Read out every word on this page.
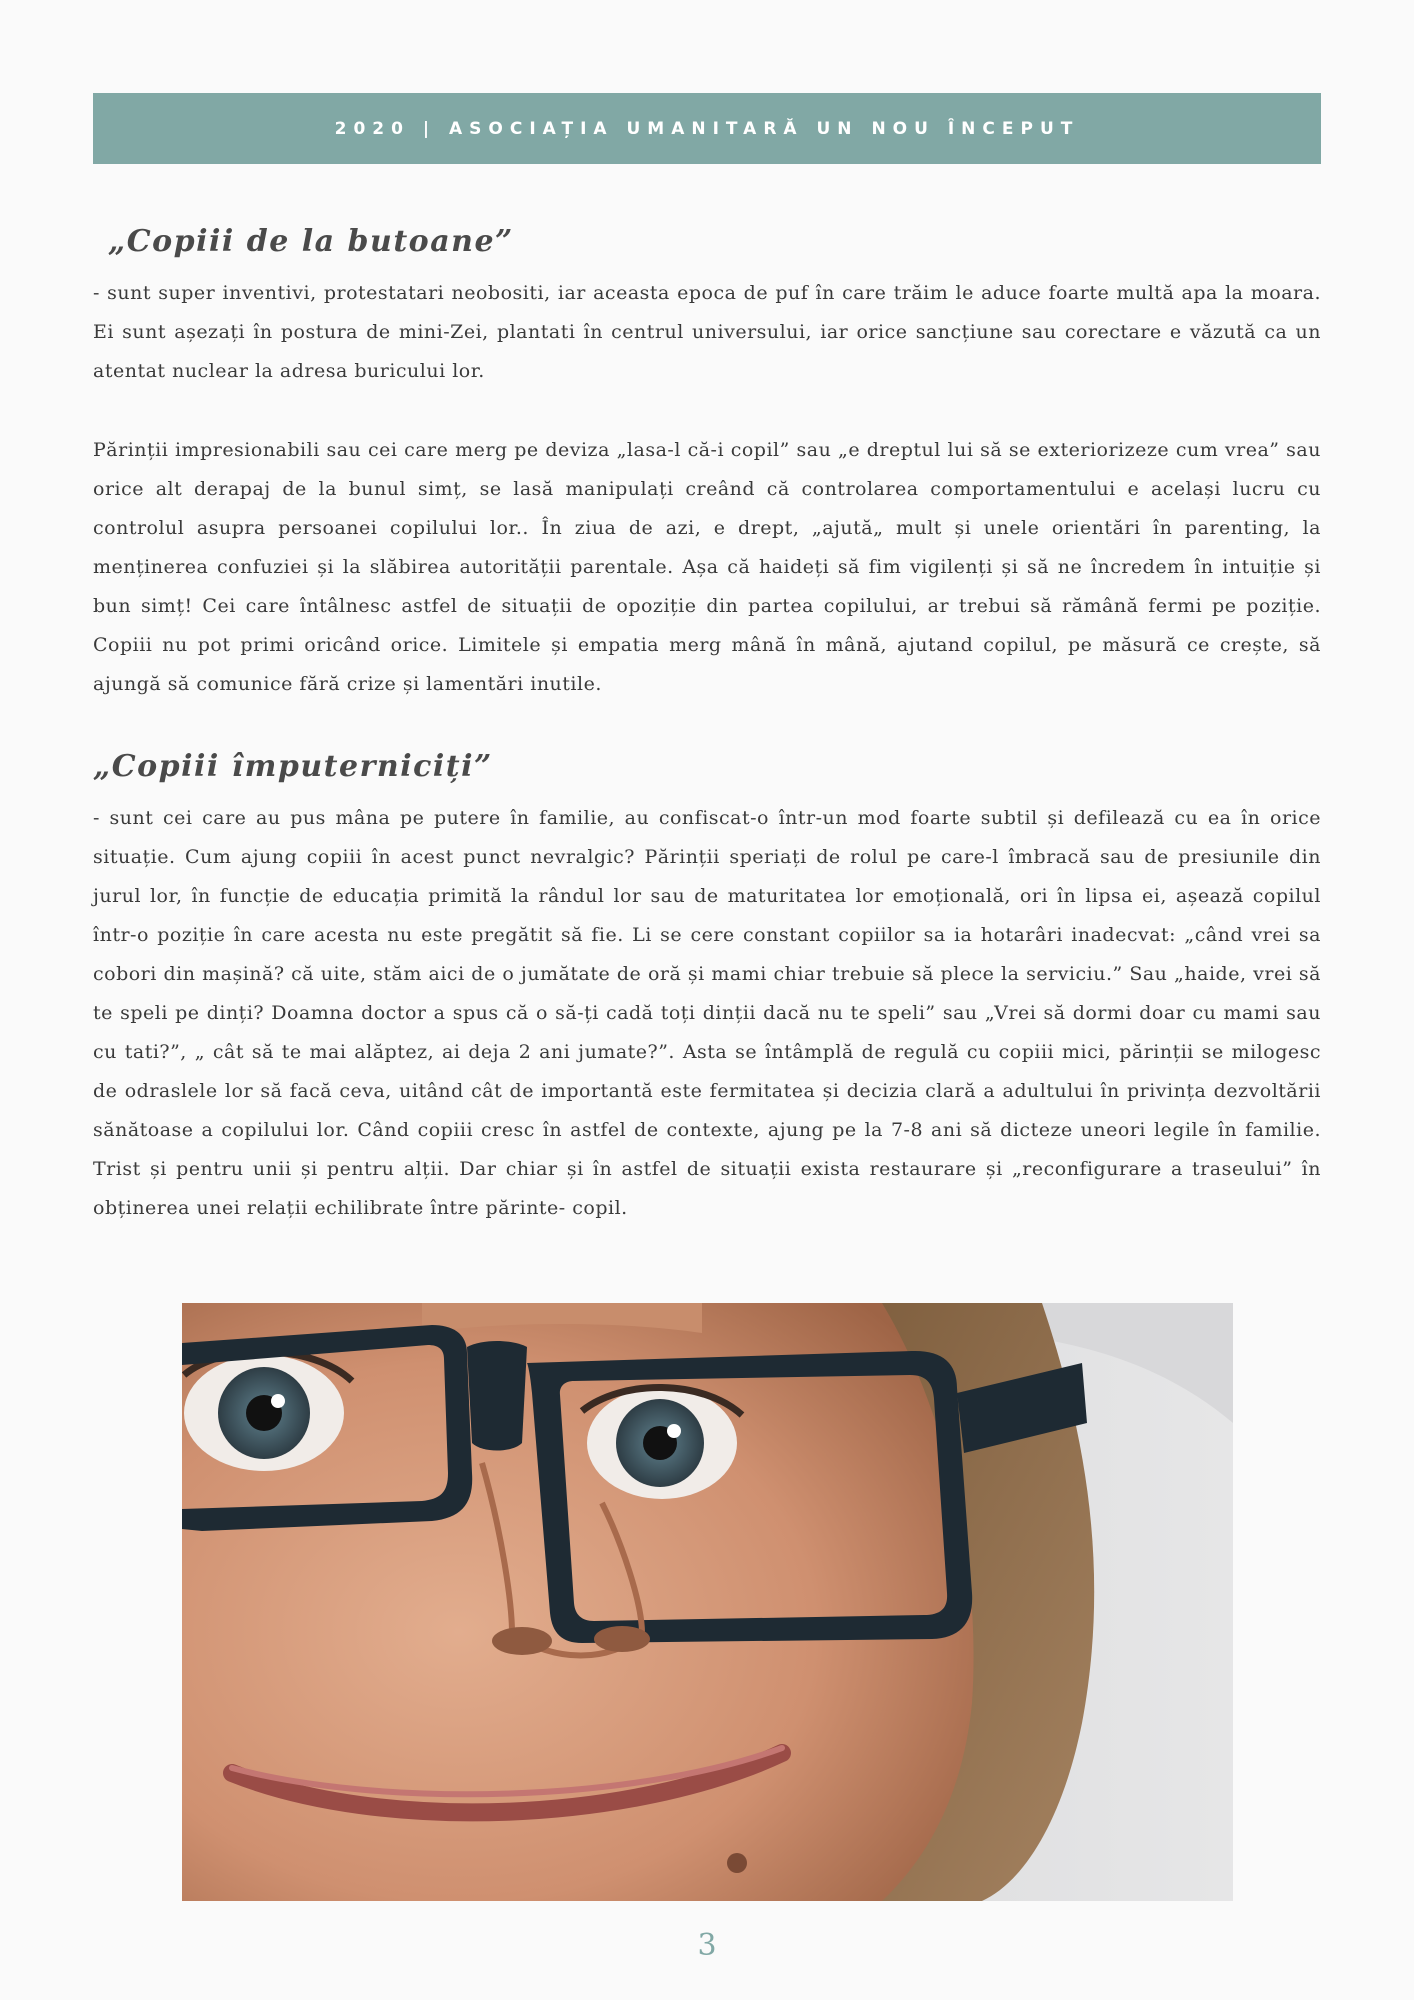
2020 | ASOCIAȚIA UMANITARĂ UN NOU ÎNCEPUT
„Copiii de la butoane”

- sunt super inventivi, protestatari neobositi, iar aceasta epoca de puf în care trăim le aduce foarte multă apa la moara. Ei sunt așezați în postura de mini-Zei, plantati în centrul universului, iar orice sancțiune sau corectare e văzută ca un atentat nuclear la adresa buricului lor.

Părinții impresionabili sau cei care merg pe deviza „lasa-l că-i copil” sau „e dreptul lui să se exteriorizeze cum vrea” sau orice alt derapaj de la bunul simț, se lasă manipulați creând că controlarea comportamentului e același lucru cu controlul asupra persoanei copilului lor.. În ziua de azi, e drept, „ajută„ mult și unele orientări în parenting, la menținerea confuziei și la slăbirea autorității parentale. Așa că haideți să fim vigilenți și să ne încredem în intuiție și bun simț! Cei care întâlnesc astfel de situații de opoziție din partea copilului, ar trebui să rămână fermi pe poziție. Copiii nu pot primi oricând orice. Limitele și empatia merg mână în mână, ajutand copilul, pe măsură ce crește, să ajungă să comunice fără crize și lamentări inutile.

„Copiii împuterniciți”

- sunt cei care au pus mâna pe putere în familie, au confiscat-o într-un mod foarte subtil și defilează cu ea în orice situație. Cum ajung copiii în acest punct nevralgic? Părinții speriați de rolul pe care-l îmbracă sau de presiunile din jurul lor, în funcție de educația primită la rândul lor sau de maturitatea lor emoțională, ori în lipsa ei, așează copilul într-o poziție în care acesta nu este pregătit să fie. Li se cere constant copiilor sa ia hotarâri inadecvat: „când vrei sa cobori din mașină? că uite, stăm aici de o jumătate de oră și mami chiar trebuie să plece la serviciu.” Sau „haide, vrei să te speli pe dinți? Doamna doctor a spus că o să-ți cadă toți dinții dacă nu te speli” sau „Vrei să dormi doar cu mami sau cu tati?”, „ cât să te mai alăptez, ai deja 2 ani jumate?”. Asta se întâmplă de regulă cu copiii mici, părinții se milogesc de odraslele lor să facă ceva, uitând cât de importantă este fermitatea și decizia clară a adultului în privința dezvoltării sănătoase a copilului lor. Când copiii cresc în astfel de contexte, ajung pe la 7-8 ani să dicteze uneori legile în familie. Trist și pentru unii și pentru alții. Dar chiar și în astfel de situații exista restaurare și „reconfigurare a traseului” în obținerea unei relații echilibrate între părinte- copil.

3
